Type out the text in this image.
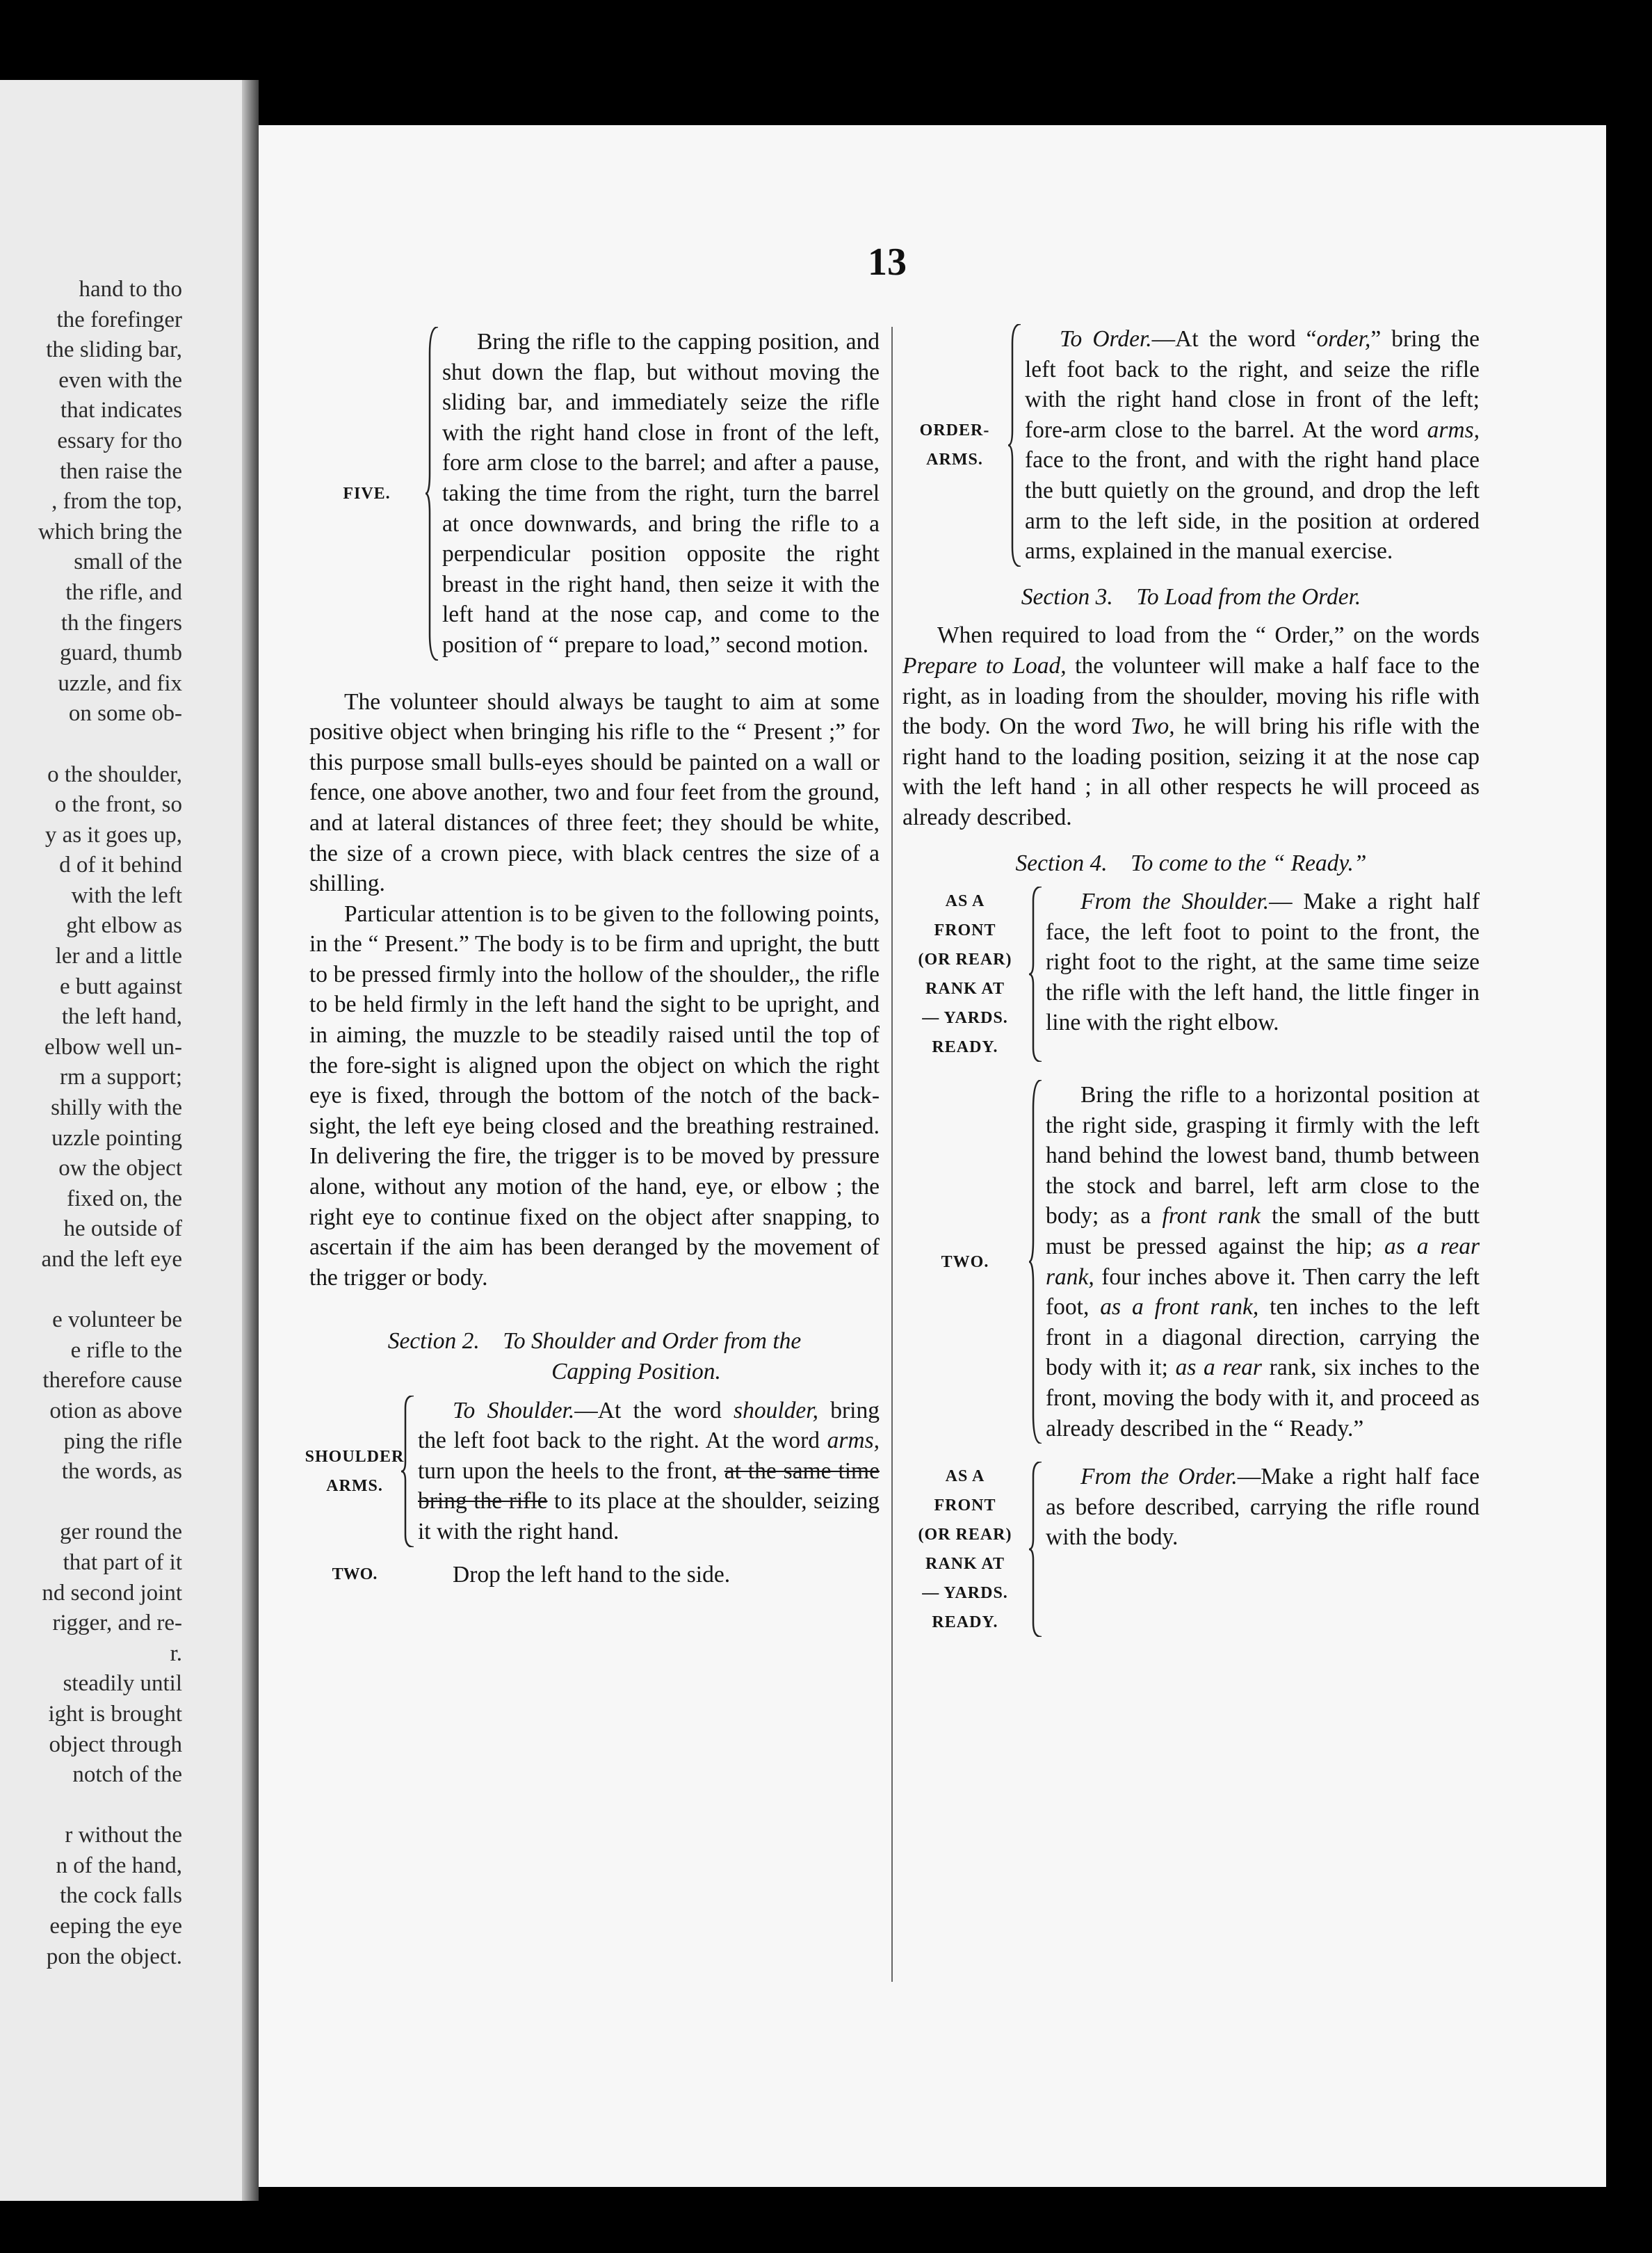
hand to tho
the forefinger
the sliding bar,
even with the
that indicates
essary for tho
then raise the
, from the top,
which bring the
small of the
the rifle, and
th the fingers
guard, thumb
uzzle, and fix
on some ob-
o the shoulder,
o the front, so
y as it goes up,
d of it behind
with the left
ght elbow as
ler and a little
e butt against
the left hand,
elbow well un-
rm a support;
shilly with the
uzzle pointing
ow the object
fixed on, the
he outside of
and the left eye
e volunteer be
e rifle to the
therefore cause
otion as above
ping the rifle
the words, as
ger round the
that part of it
nd second joint
rigger, and re-
r.
steadily until
ight is brought
object through
notch of the
r without the
n of the hand,
the cock falls
eeping the eye
pon the object.
13
FIVE.

Bring the rifle to the capping position, and shut down the flap, but without moving the sliding bar, and immediately seize the rifle with the right hand close in front of the left, fore arm close to the barrel; and after a pause, taking the time from the right, turn the barrel at once downwards, and bring the rifle to a perpendicular position opposite the right breast in the right hand, then seize it with the left hand at the nose cap, and come to the position of “ prepare to load,” second motion.

The volunteer should always be taught to aim at some positive object when bringing his rifle to the “ Present ;” for this purpose small bulls-eyes should be painted on a wall or fence, one above another, two and four feet from the ground, and at lateral distances of three feet; they should be white, the size of a crown piece, with black centres the size of a shilling.

Particular attention is to be given to the following points, in the “ Present.” The body is to be firm and upright, the butt to be pressed firmly into the hollow of the shoulder,, the rifle to be held firmly in the left hand the sight to be upright, and in aiming, the muzzle to be steadily raised until the top of the fore-sight is aligned upon the object on which the right eye is fixed, through the bottom of the notch of the back-sight, the left eye being closed and the breathing restrained. In delivering the fire, the trigger is to be moved by pressure alone, without any motion of the hand, eye, or elbow ; the right eye to continue fixed on the object after snapping, to ascertain if the aim has been deranged by the movement of the trigger or body.

Section 2. To Shoulder and Order from the
Capping Position.
SHOULDER
ARMS.

To Shoulder.—At the word shoulder, bring the left foot back to the right. At the word arms, turn upon the heels to the front, at the same time bring the rifle to its place at the shoulder, seizing it with the right hand.

TWO.	Drop the left hand to the side.
ORDER-
ARMS.

To Order.—At the word “order,” bring the left foot back to the right, and seize the rifle with the right hand close in front of the left; fore-arm close to the barrel. At the word arms, face to the front, and with the right hand place the butt quietly on the ground, and drop the left arm to the left side, in the position at ordered arms, explained in the manual exercise.

Section 3. To Load from the Order.

When required to load from the “ Order,” on the words Prepare to Load, the volunteer will make a half face to the right, as in loading from the shoulder, moving his rifle with the body. On the word Two, he will bring his rifle with the right hand to the loading position, seizing it at the nose cap with the left hand ; in all other respects he will proceed as already described.

Section 4. To come to the “ Ready.”
AS A
FRONT
(OR REAR)
RANK AT
— YARDS.
READY.

From the Shoulder.— Make a right half face, the left foot to point to the front, the right foot to the right, at the same time seize the rifle with the left hand, the little finger in line with the right elbow.

TWO.

Bring the rifle to a horizontal position at the right side, grasping it firmly with the left hand behind the lowest band, thumb between the stock and barrel, left arm close to the body; as a front rank the small of the butt must be pressed against the hip; as a rear rank, four inches above it. Then carry the left foot, as a front rank, ten inches to the left front in a diagonal direction, carrying the body with it; as a rear rank, six inches to the front, moving the body with it, and proceed as already described in the “ Ready.”

AS A
FRONT
(OR REAR)
RANK AT
— YARDS.
READY.

From the Order.—Make a right half face as before described, carrying the rifle round with the body.
